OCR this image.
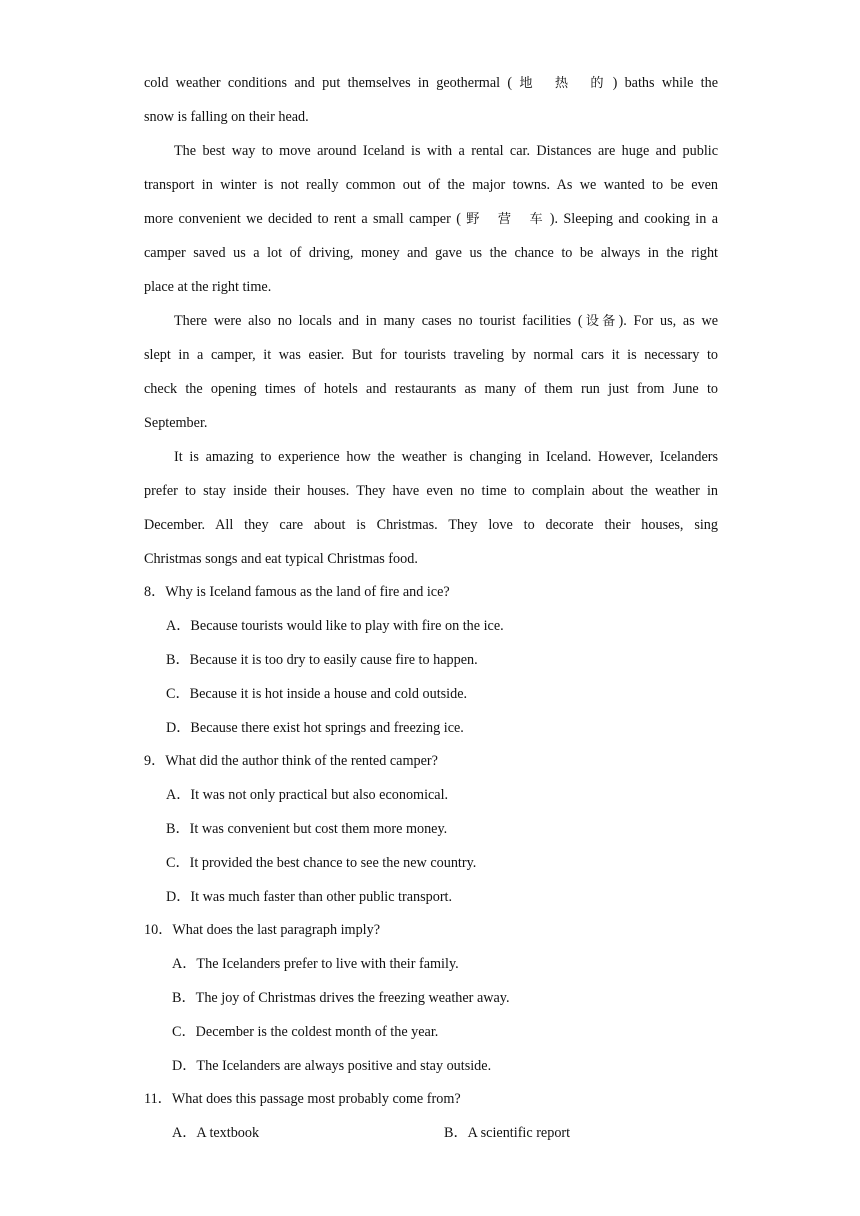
cold weather conditions and put themselves in geothermal ( 地 热 的) baths while the
snow is falling on their head.
The best way to move around Iceland is with a rental car. Distances are huge and public
transport in winter is not really common out of the major towns. As we wanted to be even
more convenient we decided to rent a small camper ( 野 营 车). Sleeping and cooking in a
camper saved us a lot of driving, money and gave us the chance to be always in the right
place at the right time.
There were also no locals and in many cases no tourist facilities (设备). For us, as we
slept in a camper, it was easier. But for tourists traveling by normal cars it is necessary to
check the opening times of hotels and restaurants as many of them run just from June to
September.
It is amazing to experience how the weather is changing in Iceland. However, Icelanders
prefer to stay inside their houses. They have even no time to complain about the weather in
December. All they care about is Christmas. They love to decorate their houses, sing
Christmas songs and eat typical Christmas food.
8．Why is Iceland famous as the land of fire and ice?
A．Because tourists would like to play with fire on the ice.
B．Because it is too dry to easily cause fire to happen.
C．Because it is hot inside a house and cold outside.
D．Because there exist hot springs and freezing ice.
9．What did the author think of the rented camper?
A．It was not only practical but also economical.
B．It was convenient but cost them more money.
C．It provided the best chance to see the new country.
D．It was much faster than other public transport.
10．What does the last paragraph imply?
A．The Icelanders prefer to live with their family.
B．The joy of Christmas drives the freezing weather away.
C．December is the coldest month of the year.
D．The Icelanders are always positive and stay outside.
11．What does this passage most probably come from?
A．A textbook	B．A scientific report
